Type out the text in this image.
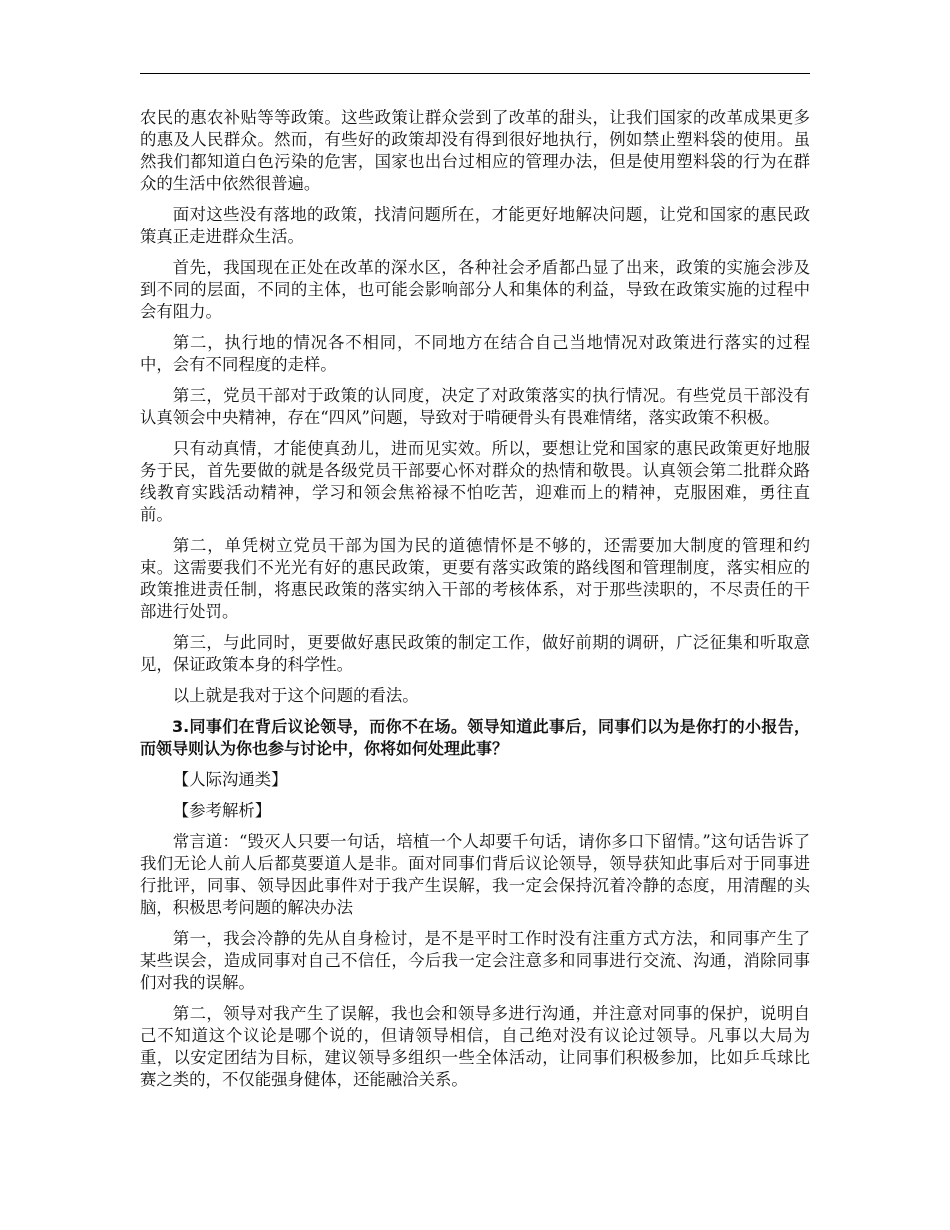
农民的惠农补贴等等政策。这些政策让群众尝到了改革的甜头，让我们国家的改革成果更多的惠及人民群众。然而，有些好的政策却没有得到很好地执行，例如禁止塑料袋的使用。虽然我们都知道白色污染的危害，国家也出台过相应的管理办法，但是使用塑料袋的行为在群众的生活中依然很普遍。

面对这些没有落地的政策，找清问题所在，才能更好地解决问题，让党和国家的惠民政策真正走进群众生活。

首先，我国现在正处在改革的深水区，各种社会矛盾都凸显了出来，政策的实施会涉及到不同的层面，不同的主体，也可能会影响部分人和集体的利益，导致在政策实施的过程中会有阻力。

第二，执行地的情况各不相同，不同地方在结合自己当地情况对政策进行落实的过程中，会有不同程度的走样。

第三，党员干部对于政策的认同度，决定了对政策落实的执行情况。有些党员干部没有认真领会中央精神，存在“四风”问题，导致对于啃硬骨头有畏难情绪，落实政策不积极。

只有动真情，才能使真劲儿，进而见实效。所以，要想让党和国家的惠民政策更好地服务于民，首先要做的就是各级党员干部要心怀对群众的热情和敬畏。认真领会第二批群众路线教育实践活动精神，学习和领会焦裕禄不怕吃苦，迎难而上的精神，克服困难，勇往直前。

第二，单凭树立党员干部为国为民的道德情怀是不够的，还需要加大制度的管理和约束。这需要我们不光光有好的惠民政策，更要有落实政策的路线图和管理制度，落实相应的政策推进责任制，将惠民政策的落实纳入干部的考核体系，对于那些渎职的，不尽责任的干部进行处罚。

第三，与此同时，更要做好惠民政策的制定工作，做好前期的调研，广泛征集和听取意见，保证政策本身的科学性。

以上就是我对于这个问题的看法。

3.同事们在背后议论领导，而你不在场。领导知道此事后，同事们以为是你打的小报告，而领导则认为你也参与讨论中，你将如何处理此事？

【人际沟通类】

【参考解析】

常言道：“毁灭人只要一句话，培植一个人却要千句话，请你多口下留情。”这句话告诉了我们无论人前人后都莫要道人是非。面对同事们背后议论领导，领导获知此事后对于同事进行批评，同事、领导因此事件对于我产生误解，我一定会保持沉着冷静的态度，用清醒的头脑，积极思考问题的解决办法

第一，我会冷静的先从自身检讨，是不是平时工作时没有注重方式方法，和同事产生了某些误会，造成同事对自己不信任，今后我一定会注意多和同事进行交流、沟通，消除同事们对我的误解。

第二，领导对我产生了误解，我也会和领导多进行沟通，并注意对同事的保护，说明自己不知道这个议论是哪个说的，但请领导相信，自己绝对没有议论过领导。凡事以大局为重，以安定团结为目标，建议领导多组织一些全体活动，让同事们积极参加，比如乒乓球比赛之类的，不仅能强身健体，还能融洽关系。
